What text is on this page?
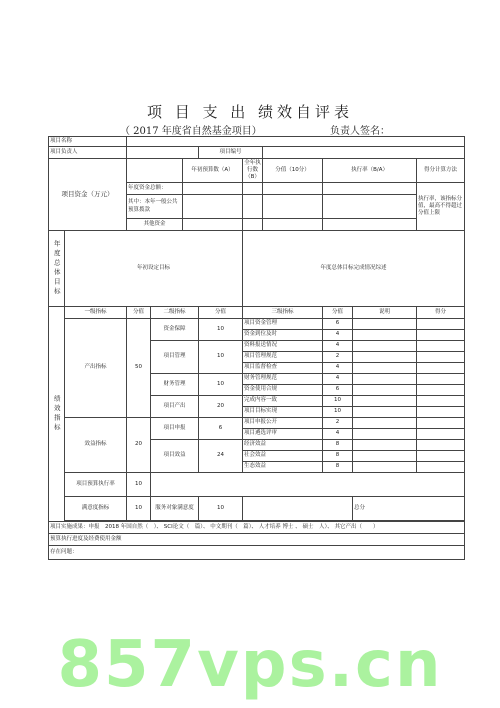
项 目 支 出 绩效自评表
（ 2017 年度省自然基金项目）	负责人签名：
项目名称										
项目负责人					项目编号					
项目资金（万元）				年初预算数（A）		全年执行数（B）	分值（10分）	执行率（B/A）		得分计算方法
		年度资金总额：								执行率，该指标分值，最高不得超过分值上限
		其中：本年一般公共预算拨款								
		其他资金								
年度总体目标	年初设定目标					年度总体目标完成情况综述				
绩效指标	一级指标	分值	二级指标		分值	三级指标		分值	说明	得分
	产出指标	50	资金保障		10	项目资金管理		6		
						资金到位及时		4		
			项目管理		10	资料报送情况		4		
						项目管理规范		2		
						项目监督检查		4		
			财务管理		10	财务管理规范		4		
						资金使用合规		6		
			项目产出		20	完成内容一致		10		
						项目目标实现		10		
	效益指标	20	项目申报		6	项目申报公开		2		
						项目遴选评审		4		
			项目效益		24	经济效益		8		
						社会效益		8		
						生态效益		8		
	项目预算执行率	10								
	满意度指标	10	服务对象满意度		10				总分	

项目实施成果：申报　2018 年国自然（　）、 SCI论文（　篇）、 中文期刊（　篇）、 人才培养 博士 、 硕士　人）、 其它产出（　　）										
预算执行进度及经费使用金额										
存在问题：										
857vps.cn
